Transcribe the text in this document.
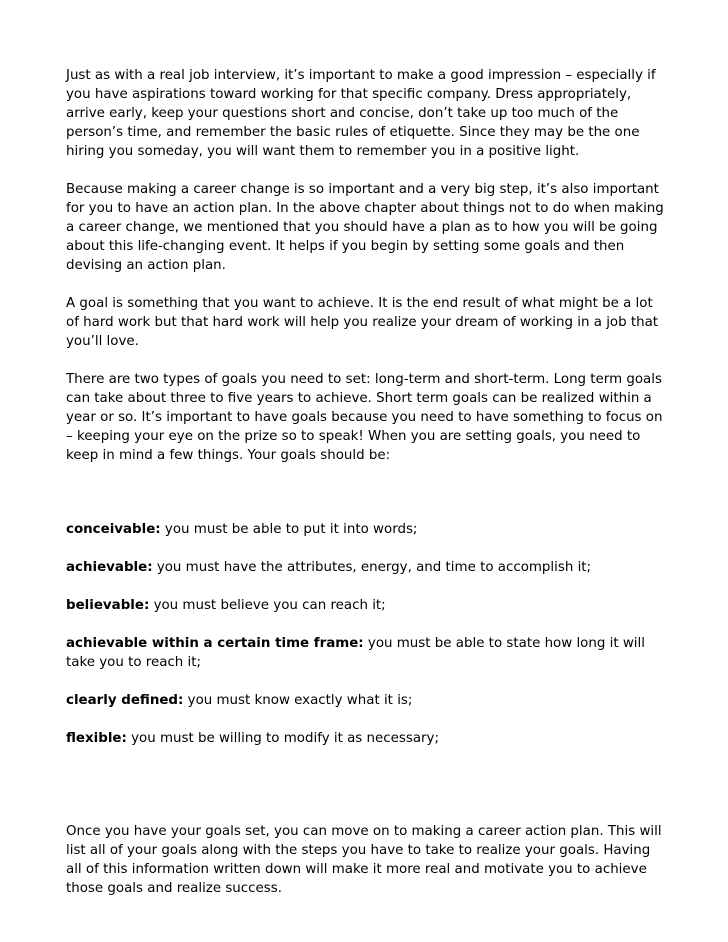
Just as with a real job interview, it’s important to make a good impression – especially if you have aspirations toward working for that specific company. Dress appropriately, arrive early, keep your questions short and concise, don’t take up too much of the person’s time, and remember the basic rules of etiquette. Since they may be the one hiring you someday, you will want them to remember you in a positive light.

Because making a career change is so important and a very big step, it’s also important for you to have an action plan. In the above chapter about things not to do when making a career change, we mentioned that you should have a plan as to how you will be going about this life-changing event. It helps if you begin by setting some goals and then devising an action plan.

A goal is something that you want to achieve. It is the end result of what might be a lot of hard work but that hard work will help you realize your dream of working in a job that you’ll love.

There are two types of goals you need to set: long-term and short-term. Long term goals can take about three to five years to achieve. Short term goals can be realized within a year or so. It’s important to have goals because you need to have something to focus on – keeping your eye on the prize so to speak! When you are setting goals, you need to keep in mind a few things. Your goals should be:

conceivable: you must be able to put it into words;

achievable: you must have the attributes, energy, and time to accomplish it;

believable: you must believe you can reach it;

achievable within a certain time frame: you must be able to state how long it will take you to reach it;

clearly defined: you must know exactly what it is;

flexible: you must be willing to modify it as necessary;

Once you have your goals set, you can move on to making a career action plan. This will list all of your goals along with the steps you have to take to realize your goals. Having all of this information written down will make it more real and motivate you to achieve those goals and realize success.
